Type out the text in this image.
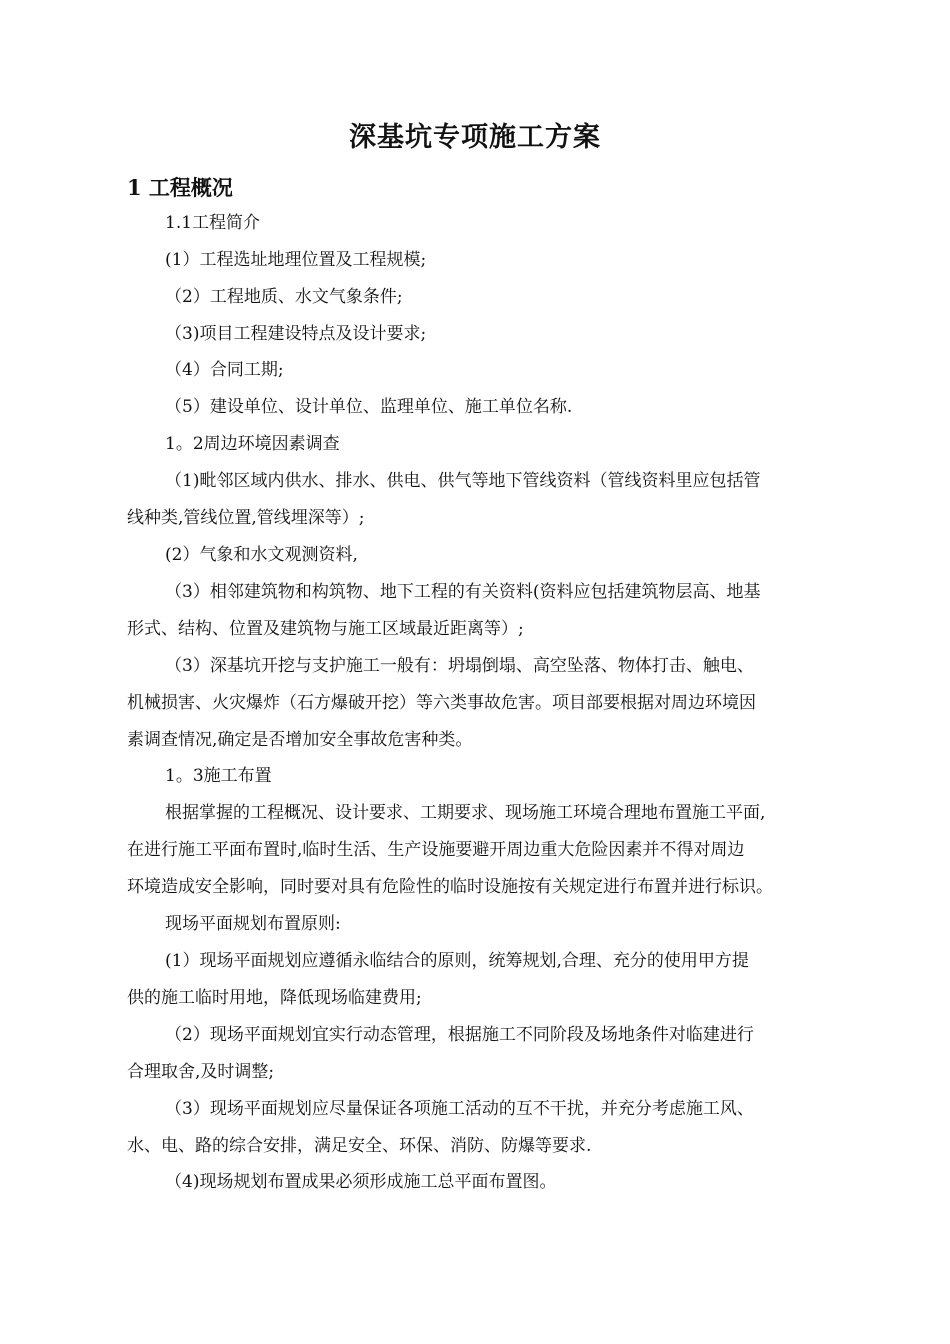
深基坑专项施工方案
1 工程概况
1.1工程简介
(1）工程选址地理位置及工程规模;
（2）工程地质、水文气象条件;
（3)项目工程建设特点及设计要求;
（4）合同工期;
（5）建设单位、设计单位、监理单位、施工单位名称.
1。2周边环境因素调查
（1)毗邻区域内供水、排水、供电、供气等地下管线资料（管线资料里应包括管
线种类,管线位置,管线埋深等）;
(2）气象和水文观测资料,
（3）相邻建筑物和构筑物、地下工程的有关资料(资料应包括建筑物层高、地基
形式、结构、位置及建筑物与施工区域最近距离等）;
（3）深基坑开挖与支护施工一般有：坍塌倒塌、高空坠落、物体打击、触电、
机械损害、火灾爆炸（石方爆破开挖）等六类事故危害。项目部要根据对周边环境因
素调查情况,确定是否增加安全事故危害种类。
1。3施工布置
根据掌握的工程概况、设计要求、工期要求、现场施工环境合理地布置施工平面,
在进行施工平面布置时,临时生活、生产设施要避开周边重大危险因素并不得对周边
环境造成安全影响，同时要对具有危险性的临时设施按有关规定进行布置并进行标识。
现场平面规划布置原则:
(1）现场平面规划应遵循永临结合的原则，统筹规划,合理、充分的使用甲方提
供的施工临时用地，降低现场临建费用;
（2）现场平面规划宜实行动态管理，根据施工不同阶段及场地条件对临建进行
合理取舍,及时调整;
（3）现场平面规划应尽量保证各项施工活动的互不干扰，并充分考虑施工风、
水、电、路的综合安排，满足安全、环保、消防、防爆等要求.
（4)现场规划布置成果必须形成施工总平面布置图。
